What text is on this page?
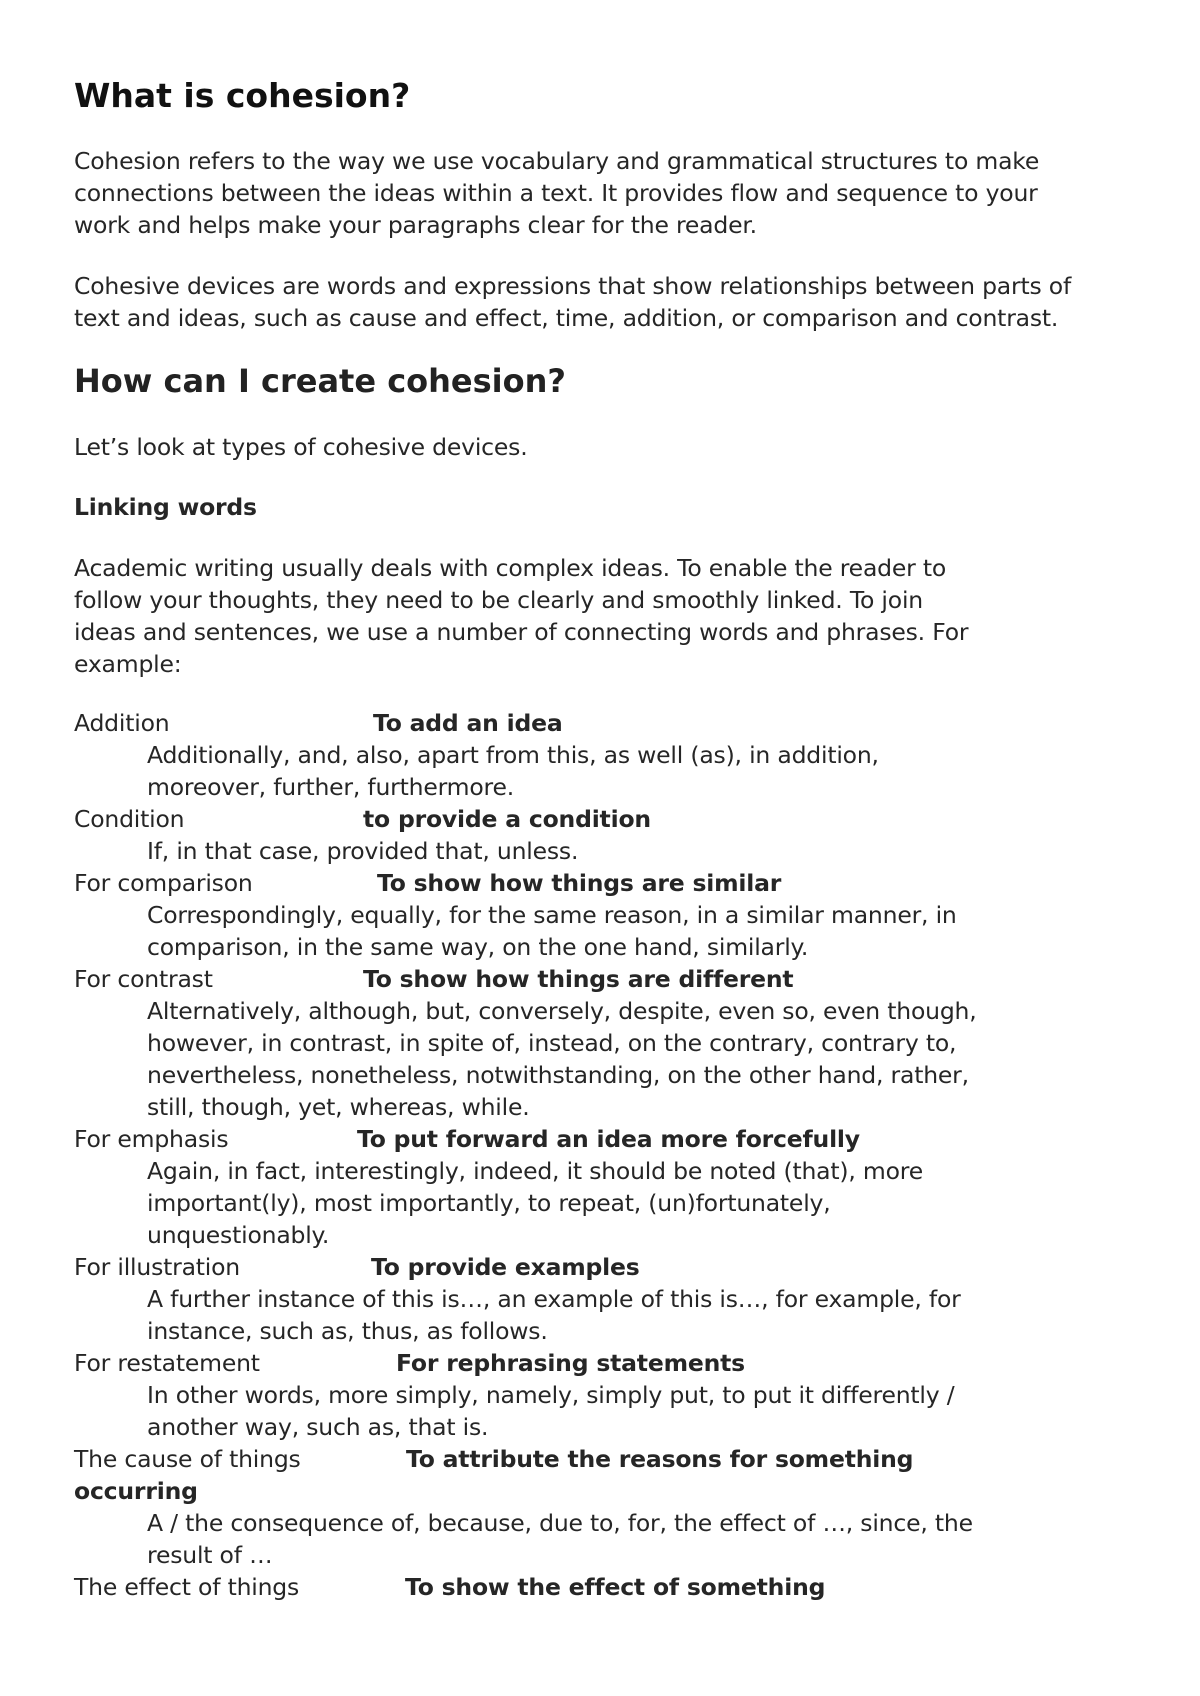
What is cohesion?
Cohesion refers to the way we use vocabulary and grammatical structures to make
connections between the ideas within a text. It provides flow and sequence to your
work and helps make your paragraphs clear for the reader.
Cohesive devices are words and expressions that show relationships between parts of
text and ideas, such as cause and effect, time, addition, or comparison and contrast.
How can I create cohesion?
Let’s look at types of cohesive devices.
Linking words
Academic writing usually deals with complex ideas. To enable the reader to
follow your thoughts, they need to be clearly and smoothly linked. To join
ideas and sentences, we use a number of connecting words and phrases. For
example:
Addition	To add an idea
Additionally, and, also, apart from this, as well (as), in addition,
moreover, further, furthermore.
Condition	to provide a condition
If, in that case, provided that, unless.
For comparison	To show how things are similar
Correspondingly, equally, for the same reason, in a similar manner, in
comparison, in the same way, on the one hand, similarly.
For contrast	To show how things are different
Alternatively, although, but, conversely, despite, even so, even though,
however, in contrast, in spite of, instead, on the contrary, contrary to,
nevertheless, nonetheless, notwithstanding, on the other hand, rather,
still, though, yet, whereas, while.
For emphasis	To put forward an idea more forcefully
Again, in fact, interestingly, indeed, it should be noted (that), more
important(ly), most importantly, to repeat, (un)fortunately,
unquestionably.
For illustration	To provide examples
A further instance of this is…, an example of this is…, for example, for
instance, such as, thus, as follows.
For restatement	For rephrasing statements
In other words, more simply, namely, simply put, to put it differently /
another way, such as, that is.
The cause of things	To attribute the reasons for something
occurring
A / the consequence of, because, due to, for, the effect of …, since, the
result of …
The effect of things	To show the effect of something
